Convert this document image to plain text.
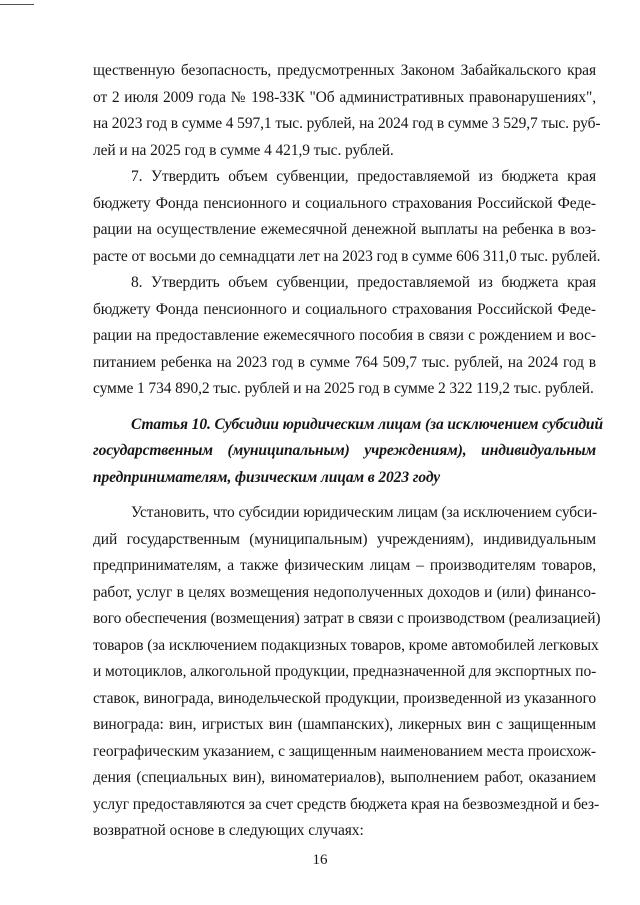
щественную безопасность, предусмотренных Законом Забайкальского края
от 2 июля 2009 года № 198-ЗЗК "Об административных правонарушениях",
на 2023 год в сумме 4 597,1 тыс. рублей, на 2024 год в сумме 3 529,7 тыс. руб-
лей и на 2025 год в сумме 4 421,9 тыс. рублей.
7. Утвердить объем субвенции, предоставляемой из бюджета края
бюджету Фонда пенсионного и социального страхования Российской Феде-
рации на осуществление ежемесячной денежной выплаты на ребенка в воз-
расте от восьми до семнадцати лет на 2023 год в сумме 606 311,0 тыс. рублей.
8. Утвердить объем субвенции, предоставляемой из бюджета края
бюджету Фонда пенсионного и социального страхования Российской Феде-
рации на предоставление ежемесячного пособия в связи с рождением и вос-
питанием ребенка на 2023 год в сумме 764 509,7 тыс. рублей, на 2024 год в
сумме 1 734 890,2 тыс. рублей и на 2025 год в сумме 2 322 119,2 тыс. рублей.
Статья 10. Субсидии юридическим лицам (за исключением субсидий
государственным (муниципальным) учреждениям), индивидуальным
предпринимателям, физическим лицам в 2023 году
Установить, что субсидии юридическим лицам (за исключением субси-
дий государственным (муниципальным) учреждениям), индивидуальным
предпринимателям, а также физическим лицам – производителям товаров,
работ, услуг в целях возмещения недополученных доходов и (или) финансо-
вого обеспечения (возмещения) затрат в связи с производством (реализацией)
товаров (за исключением подакцизных товаров, кроме автомобилей легковых
и мотоциклов, алкогольной продукции, предназначенной для экспортных по-
ставок, винограда, винодельческой продукции, произведенной из указанного
винограда: вин, игристых вин (шампанских), ликерных вин с защищенным
географическим указанием, с защищенным наименованием места происхож-
дения (специальных вин), виноматериалов), выполнением работ, оказанием
услуг предоставляются за счет средств бюджета края на безвозмездной и без-
возвратной основе в следующих случаях:
16
